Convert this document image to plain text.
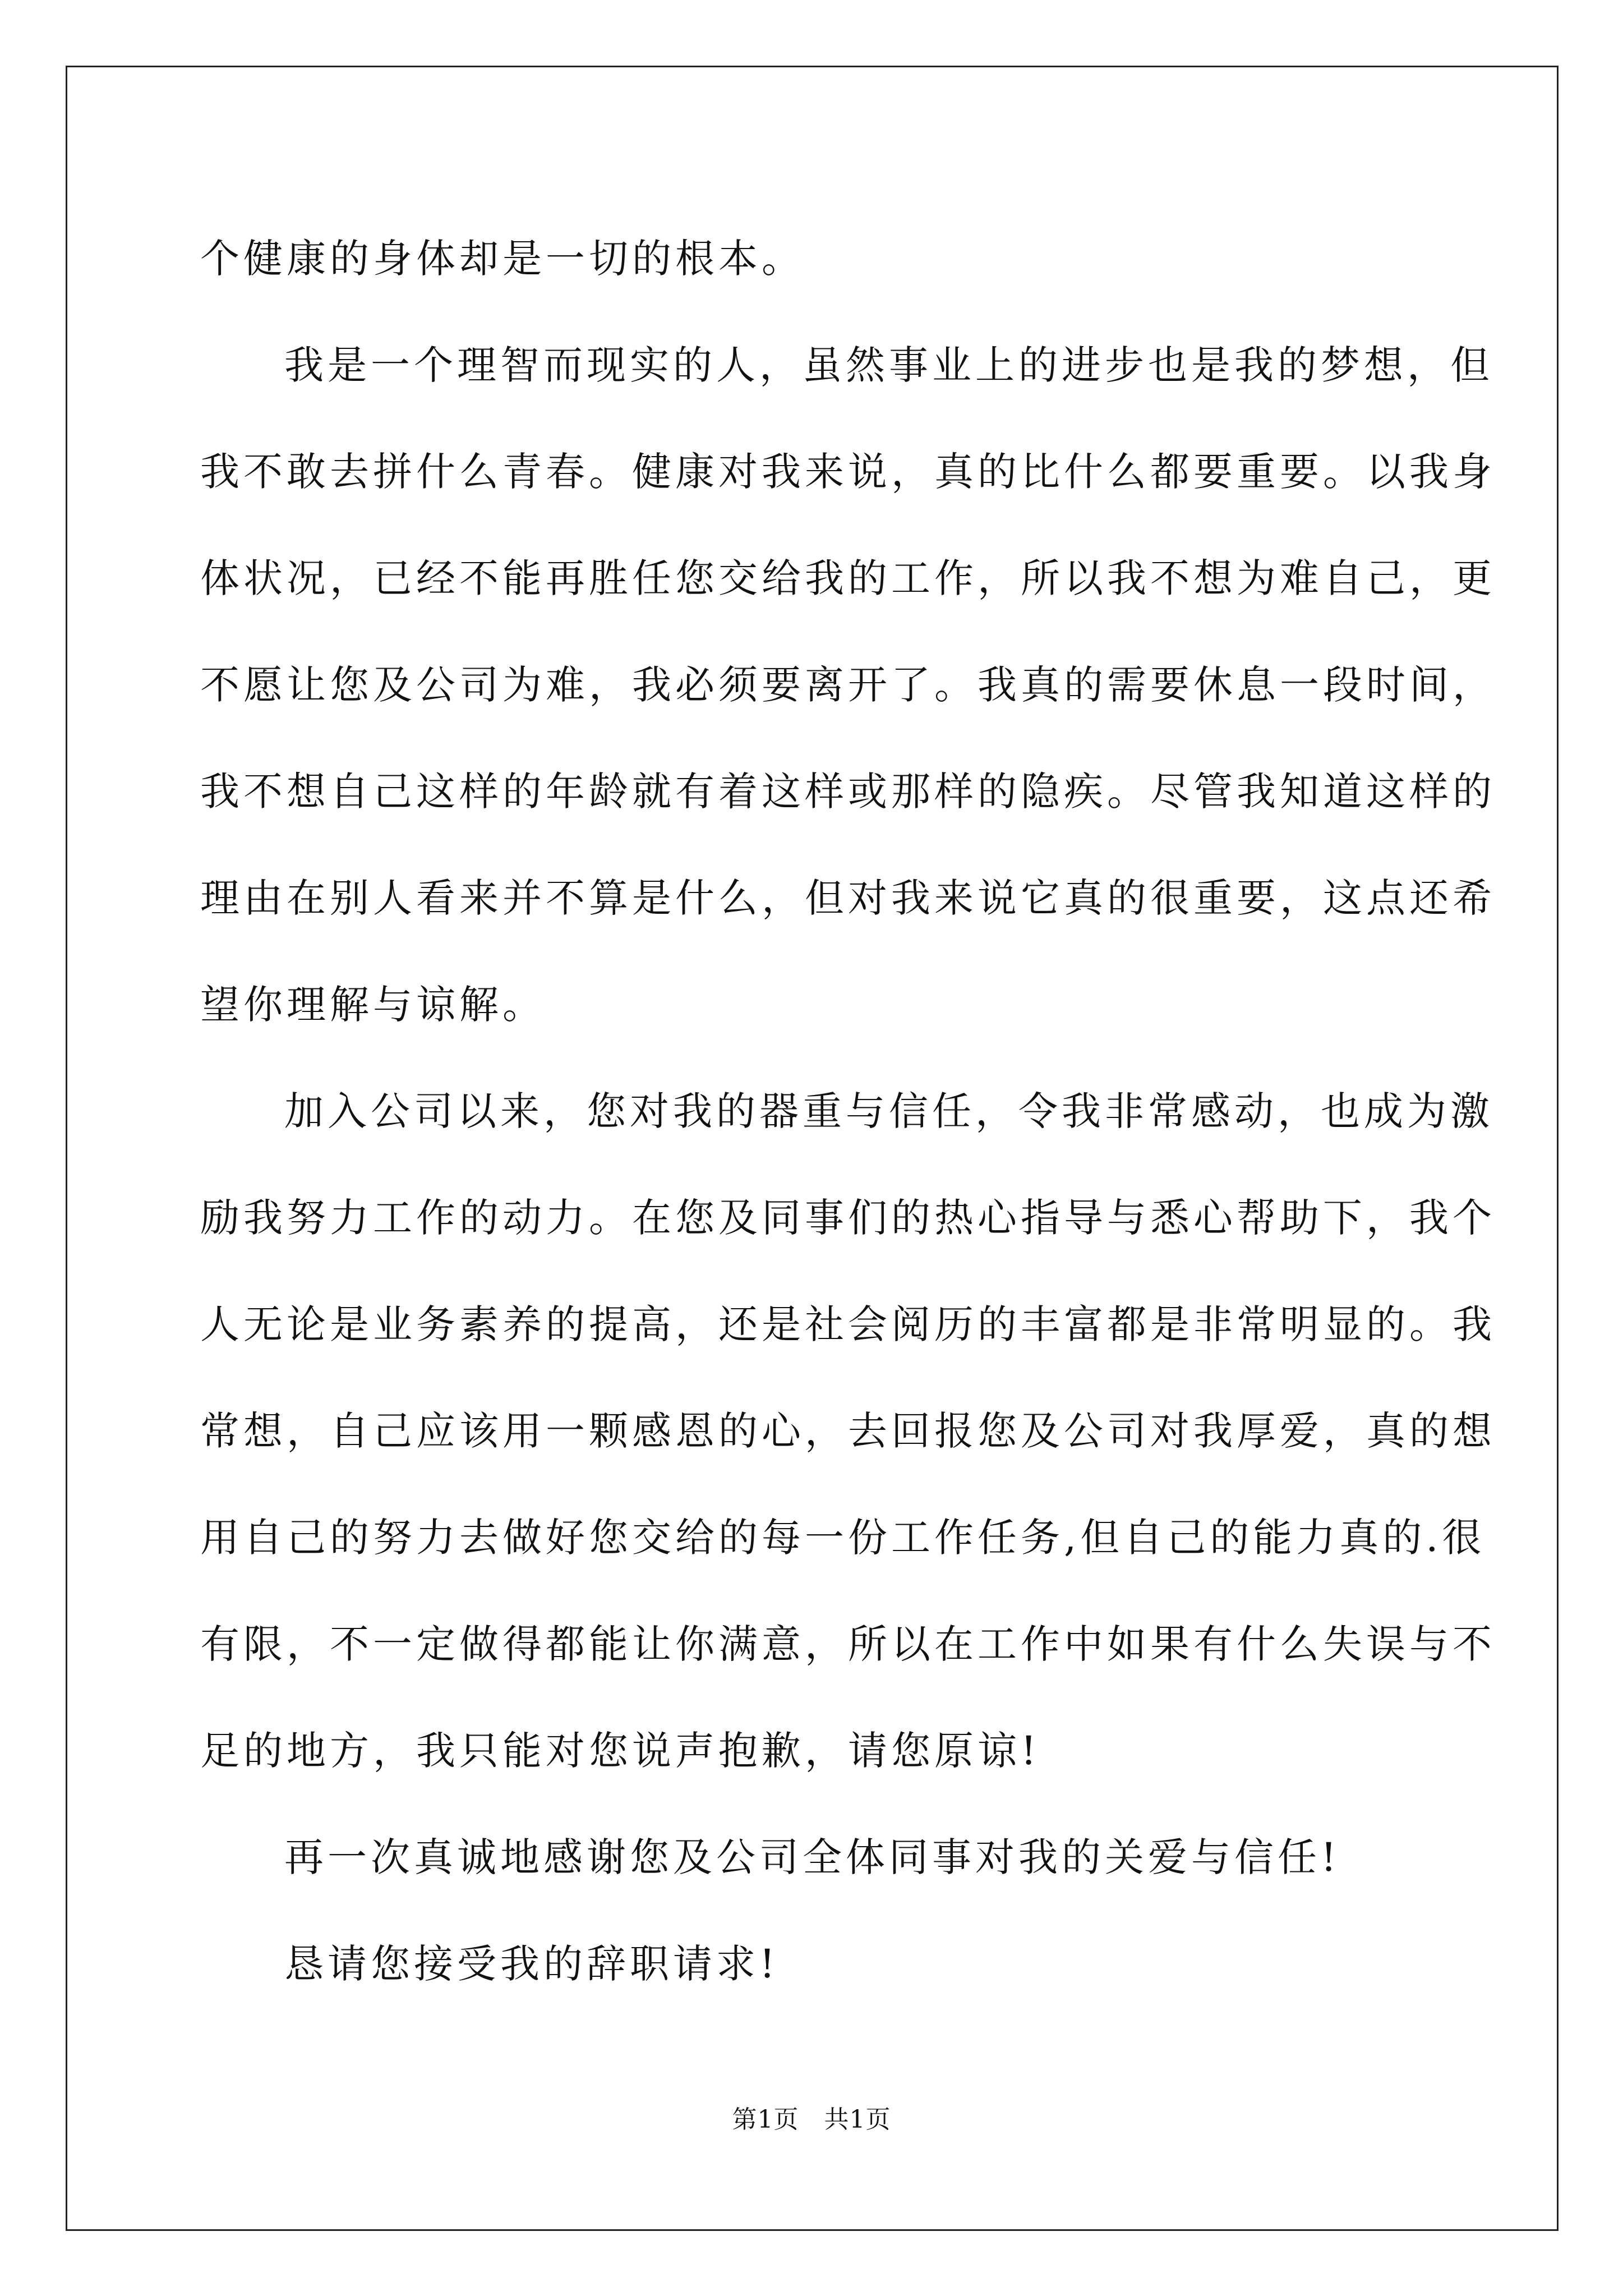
个健康的身体却是一切的根本。
我是一个理智而现实的人，虽然事业上的进步也是我的梦想，但
我不敢去拼什么青春。健康对我来说，真的比什么都要重要。以我身
体状况，已经不能再胜任您交给我的工作，所以我不想为难自己，更
不愿让您及公司为难，我必须要离开了。我真的需要休息一段时间，
我不想自己这样的年龄就有着这样或那样的隐疾。尽管我知道这样的
理由在别人看来并不算是什么，但对我来说它真的很重要，这点还希
望你理解与谅解。
加入公司以来，您对我的器重与信任，令我非常感动，也成为激
励我努力工作的动力。在您及同事们的热心指导与悉心帮助下，我个
人无论是业务素养的提高，还是社会阅历的丰富都是非常明显的。我
常想，自己应该用一颗感恩的心，去回报您及公司对我厚爱，真的想
用自己的努力去做好您交给的每一份工作任务,但自己的能力真的.很
有限，不一定做得都能让你满意，所以在工作中如果有什么失误与不
足的地方，我只能对您说声抱歉，请您原谅!
再一次真诚地感谢您及公司全体同事对我的关爱与信任!
恳请您接受我的辞职请求!
第1页　共1页
